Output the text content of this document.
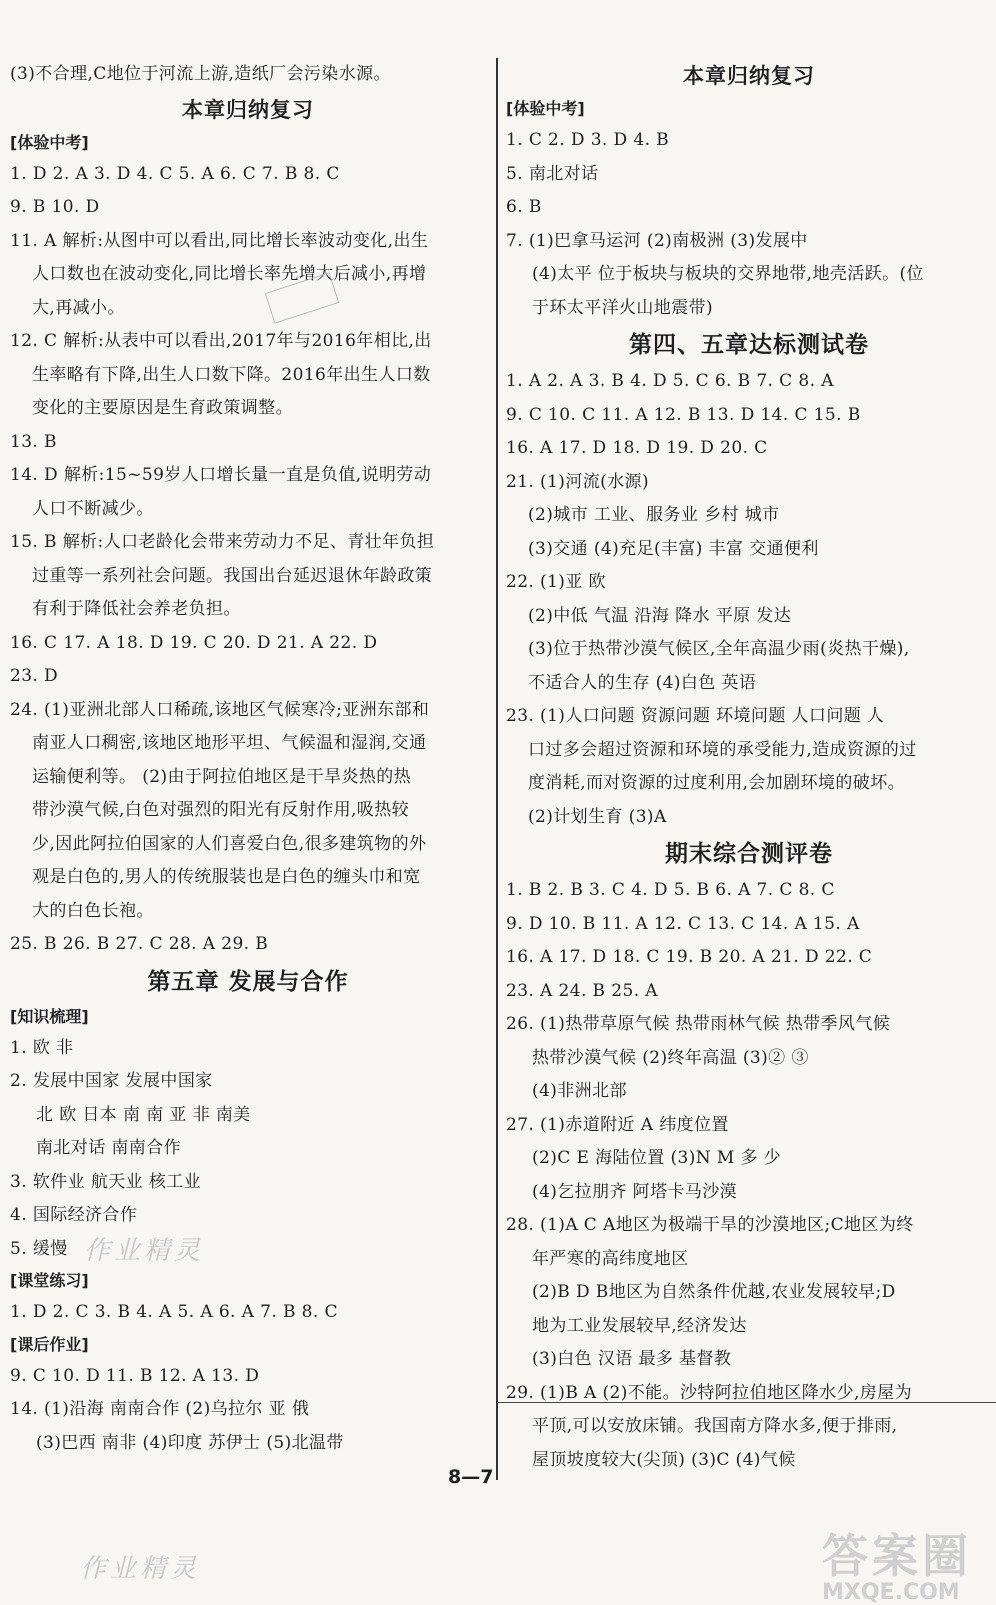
(3)不合理,C地位于河流上游,造纸厂会污染水源。
本章归纳复习
[体验中考]
1. D 2. A 3. D 4. C 5. A 6. C 7. B 8. C
9. B 10. D
11. A 解析:从图中可以看出,同比增长率波动变化,出生
人口数也在波动变化,同比增长率先增大后减小,再增
大,再减小。
12. C 解析:从表中可以看出,2017年与2016年相比,出
生率略有下降,出生人口数下降。2016年出生人口数
变化的主要原因是生育政策调整。
13. B
14. D 解析:15~59岁人口增长量一直是负值,说明劳动
人口不断减少。
15. B 解析:人口老龄化会带来劳动力不足、青壮年负担
过重等一系列社会问题。我国出台延迟退休年龄政策
有利于降低社会养老负担。
16. C 17. A 18. D 19. C 20. D 21. A 22. D
23. D
24. (1)亚洲北部人口稀疏,该地区气候寒冷;亚洲东部和
南亚人口稠密,该地区地形平坦、气候温和湿润,交通
运输便利等。 (2)由于阿拉伯地区是干旱炎热的热
带沙漠气候,白色对强烈的阳光有反射作用,吸热较
少,因此阿拉伯国家的人们喜爱白色,很多建筑物的外
观是白色的,男人的传统服装也是白色的缠头巾和宽
大的白色长袍。
25. B 26. B 27. C 28. A 29. B
第五章 发展与合作
[知识梳理]
1. 欧 非
2. 发展中国家 发展中国家
北 欧 日本 南 南 亚 非 南美
南北对话 南南合作
3. 软件业 航天业 核工业
4. 国际经济合作
5. 缓慢
[课堂练习]
1. D 2. C 3. B 4. A 5. A 6. A 7. B 8. C
[课后作业]
9. C 10. D 11. B 12. A 13. D
14. (1)沿海 南南合作 (2)乌拉尔 亚 俄
(3)巴西 南非 (4)印度 苏伊士 (5)北温带
本章归纳复习
[体验中考]
1. C 2. D 3. D 4. B
5. 南北对话
6. B
7. (1)巴拿马运河 (2)南极洲 (3)发展中
(4)太平 位于板块与板块的交界地带,地壳活跃。(位
于环太平洋火山地震带)
第四、五章达标测试卷
1. A 2. A 3. B 4. D 5. C 6. B 7. C 8. A
9. C 10. C 11. A 12. B 13. D 14. C 15. B
16. A 17. D 18. D 19. D 20. C
21. (1)河流(水源)
(2)城市 工业、服务业 乡村 城市
(3)交通 (4)充足(丰富) 丰富 交通便利
22. (1)亚 欧
(2)中低 气温 沿海 降水 平原 发达
(3)位于热带沙漠气候区,全年高温少雨(炎热干燥),
不适合人的生存 (4)白色 英语
23. (1)人口问题 资源问题 环境问题 人口问题 人
口过多会超过资源和环境的承受能力,造成资源的过
度消耗,而对资源的过度利用,会加剧环境的破坏。
(2)计划生育 (3)A
期末综合测评卷
1. B 2. B 3. C 4. D 5. B 6. A 7. C 8. C
9. D 10. B 11. A 12. C 13. C 14. A 15. A
16. A 17. D 18. C 19. B 20. A 21. D 22. C
23. A 24. B 25. A
26. (1)热带草原气候 热带雨林气候 热带季风气候
热带沙漠气候 (2)终年高温 (3)② ③
(4)非洲北部
27. (1)赤道附近 A 纬度位置
(2)C E 海陆位置 (3)N M 多 少
(4)乞拉朋齐 阿塔卡马沙漠
28. (1)A C A地区为极端干旱的沙漠地区;C地区为终
年严寒的高纬度地区
(2)B D B地区为自然条件优越,农业发展较早;D
地为工业发展较早,经济发达
(3)白色 汉语 最多 基督教
29. (1)B A (2)不能。沙特阿拉伯地区降水少,房屋为
平顶,可以安放床铺。我国南方降水多,便于排雨,
屋顶坡度较大(尖顶) (3)C (4)气候
8—7
作业精灵
作业精灵	答案圈
MXQE.COM
